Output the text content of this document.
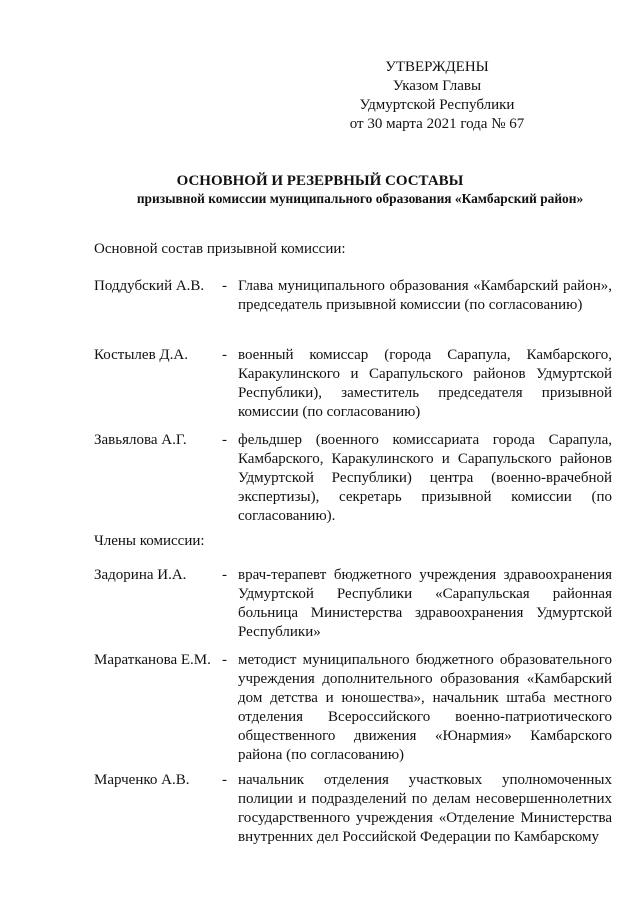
УТВЕРЖДЕНЫ
Указом Главы
Удмуртской Республики
от 30 марта 2021 года № 67
ОСНОВНОЙ И РЕЗЕРВНЫЙ СОСТАВЫ
призывной комиссии муниципального образования «Камбарский район»
Основной состав призывной комиссии:
Поддубский А.В. - Глава муниципального образования «Камбарский район», председатель призывной комиссии (по согласованию)
Костылев Д.А. - военный комиссар (города Сарапула, Камбарского, Каракулинского и Сарапульского районов Удмуртской Республики), заместитель председателя призывной комиссии (по согласованию)
Завьялова А.Г. - фельдшер (военного комиссариата города Сарапула, Камбарского, Каракулинского и Сарапульского районов Удмуртской Республики) центра (военно-врачебной экспертизы), секретарь призывной комиссии (по согласованию).
Члены комиссии:
Задорина И.А. - врач-терапевт бюджетного учреждения здравоохранения Удмуртской Республики «Сарапульская районная больница Министерства здравоохранения Удмуртской Республики»
Маратканова Е.М. - методист муниципального бюджетного образовательного учреждения дополнительного образования «Камбарский дом детства и юношества», начальник штаба местного отделения Всероссийского военно-патриотического общественного движения «Юнармия» Камбарского района (по согласованию)
Марченко А.В. - начальник отделения участковых уполномоченных полиции и подразделений по делам несовершеннолетних государственного учреждения «Отделение Министерства внутренних дел Российской Федерации по Камбарскому
